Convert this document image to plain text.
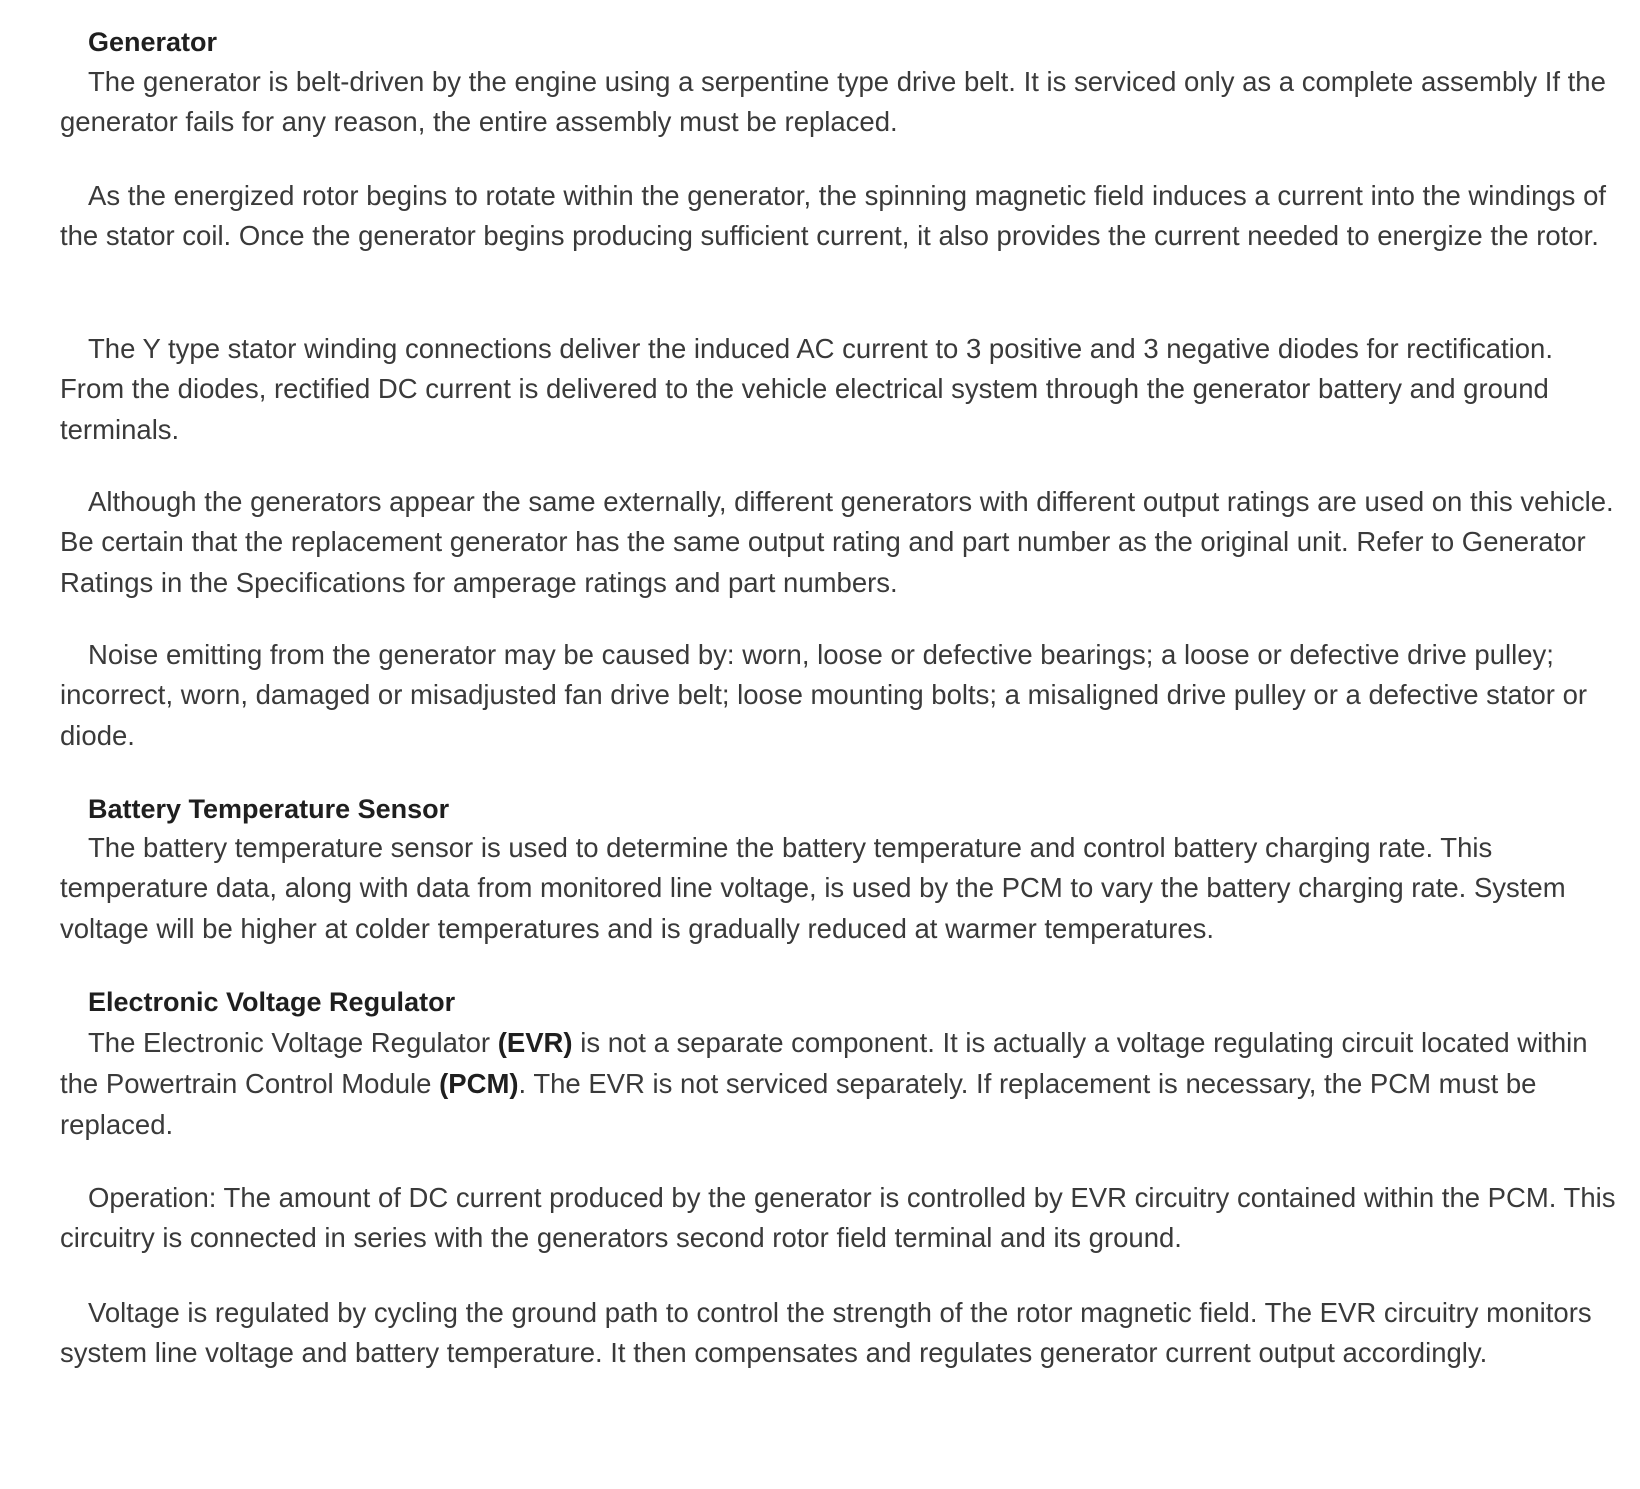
Generator

The generator is belt-driven by the engine using a serpentine type drive belt. It is serviced only as a complete assembly If the generator fails for any reason, the entire assembly must be replaced.

As the energized rotor begins to rotate within the generator, the spinning magnetic field induces a current into the windings of the stator coil. Once the generator begins producing sufficient current, it also provides the current needed to energize the rotor.

The Y type stator winding connections deliver the induced AC current to 3 positive and 3 negative diodes for rectification. From the diodes, rectified DC current is delivered to the vehicle electrical system through the generator battery and ground terminals.

Although the generators appear the same externally, different generators with different output ratings are used on this vehicle. Be certain that the replacement generator has the same output rating and part number as the original unit. Refer to Generator Ratings in the Specifications for amperage ratings and part numbers.

Noise emitting from the generator may be caused by: worn, loose or defective bearings; a loose or defective drive pulley; incorrect, worn, damaged or misadjusted fan drive belt; loose mounting bolts; a misaligned drive pulley or a defective stator or diode.

Battery Temperature Sensor

The battery temperature sensor is used to determine the battery temperature and control battery charging rate. This temperature data, along with data from monitored line voltage, is used by the PCM to vary the battery charging rate. System voltage will be higher at colder temperatures and is gradually reduced at warmer temperatures.

Electronic Voltage Regulator

The Electronic Voltage Regulator (EVR) is not a separate component. It is actually a voltage regulating circuit located within the Powertrain Control Module (PCM). The EVR is not serviced separately. If replacement is necessary, the PCM must be replaced.

Operation: The amount of DC current produced by the generator is controlled by EVR circuitry contained within the PCM. This circuitry is connected in series with the generators second rotor field terminal and its ground.

Voltage is regulated by cycling the ground path to control the strength of the rotor magnetic field. The EVR circuitry monitors system line voltage and battery temperature. It then compensates and regulates generator current output accordingly.
